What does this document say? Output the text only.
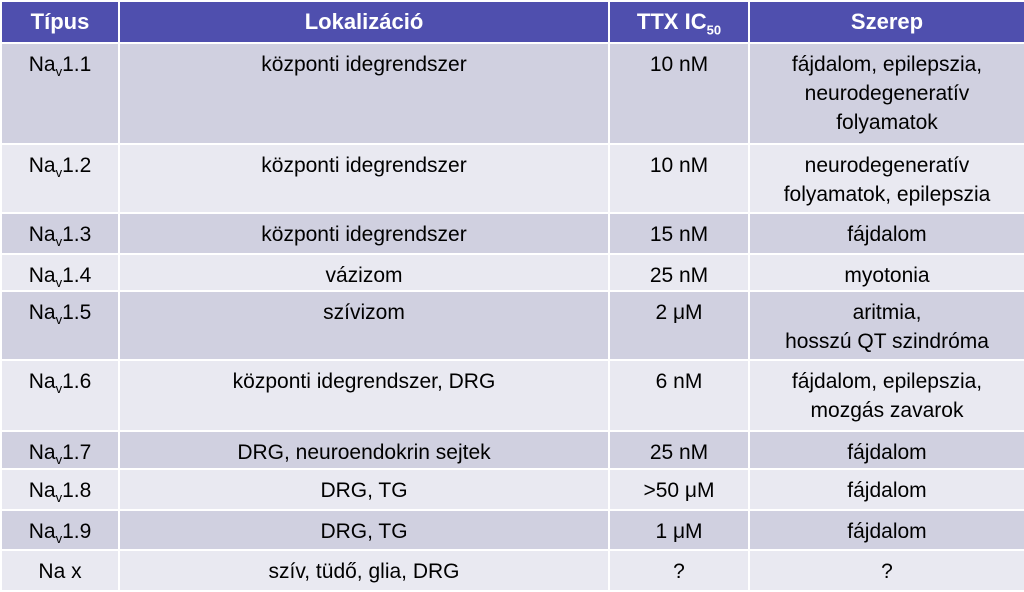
Típus	Lokalizáció	TTX $IC_{50}$	Szerep
$Na_v1.1$	központi idegrendszer	10 nM	fájdalom, epilepszia,
neurodegeneratív
folyamatok
$Na_v1.2$	központi idegrendszer	10 nM	neurodegeneratív
folyamatok, epilepszia
$Na_v1.3$	központi idegrendszer	15 nM	fájdalom
$Na_v1.4$	vázizom	25 nM	myotonia
$Na_v1.5$	szívizom	2 μM	aritmia,
hosszú QT szindróma
$Na_v1.6$	központi idegrendszer, DRG	6 nM	fájdalom, epilepszia,
mozgás zavarok
$Na_v1.7$	DRG, neuroendokrin sejtek	25 nM	fájdalom
$Na_v1.8$	DRG, TG	>50 μM	fájdalom
$Na_v1.9$	DRG, TG	1 μM	fájdalom
Na x	szív, tüdő, glia, DRG	?	?
